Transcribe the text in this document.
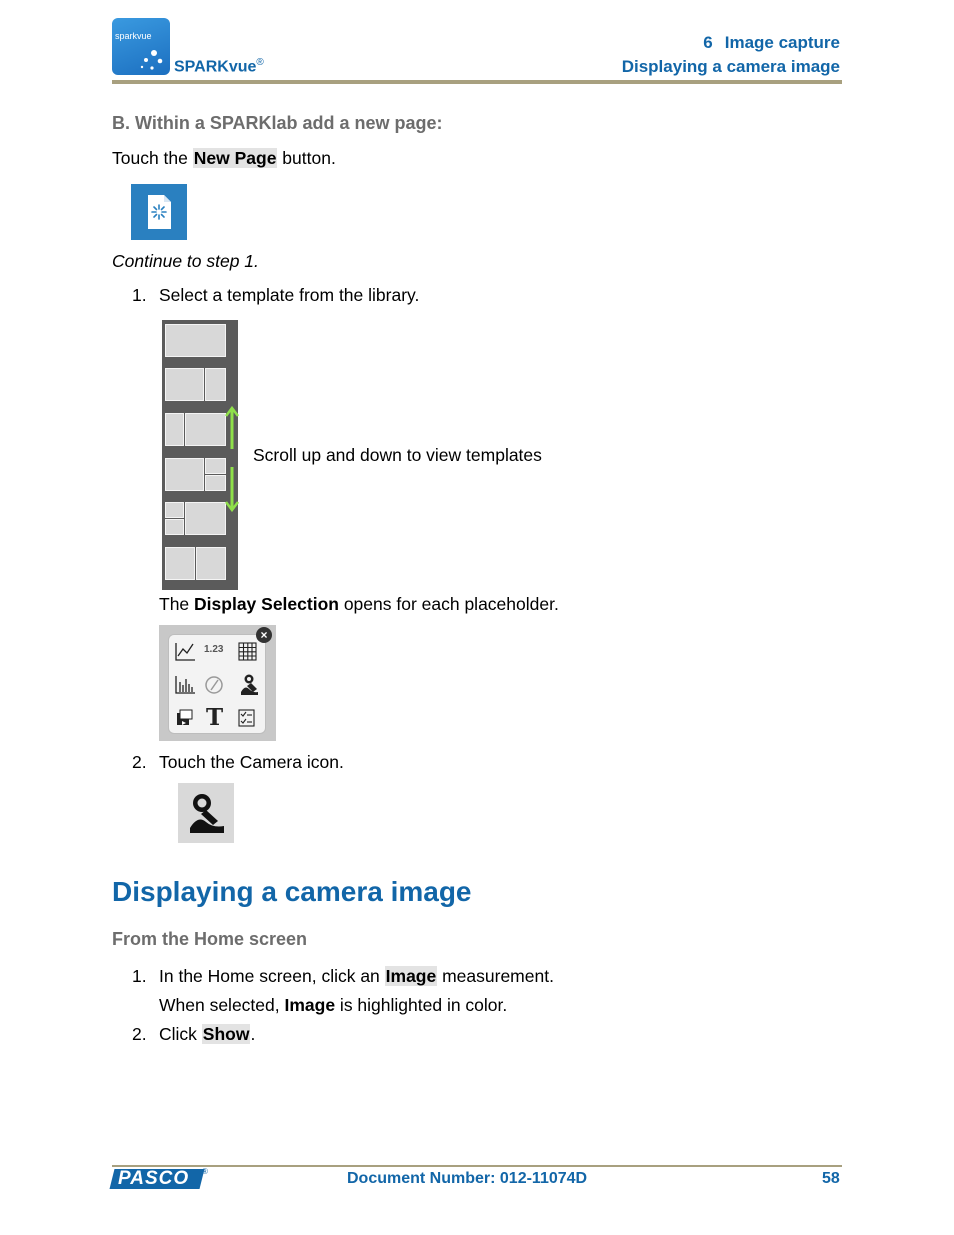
sparkvue
SPARKvue®
6 Image capture
Displaying a camera image
B. Within a SPARKlab add a new page:
Touch the New Page button.
Continue to step 1.
1. Select a template from the library.
Scroll up and down to view templates
The Display Selection opens for each placeholder.
1.23
T
×
2. Touch the Camera icon.
Displaying a camera image
From the Home screen
1. In the Home screen, click an Image measurement.
When selected, Image is highlighted in color.
2. Click Show.
PASCO ®	Document Number: 012-11074D	58
